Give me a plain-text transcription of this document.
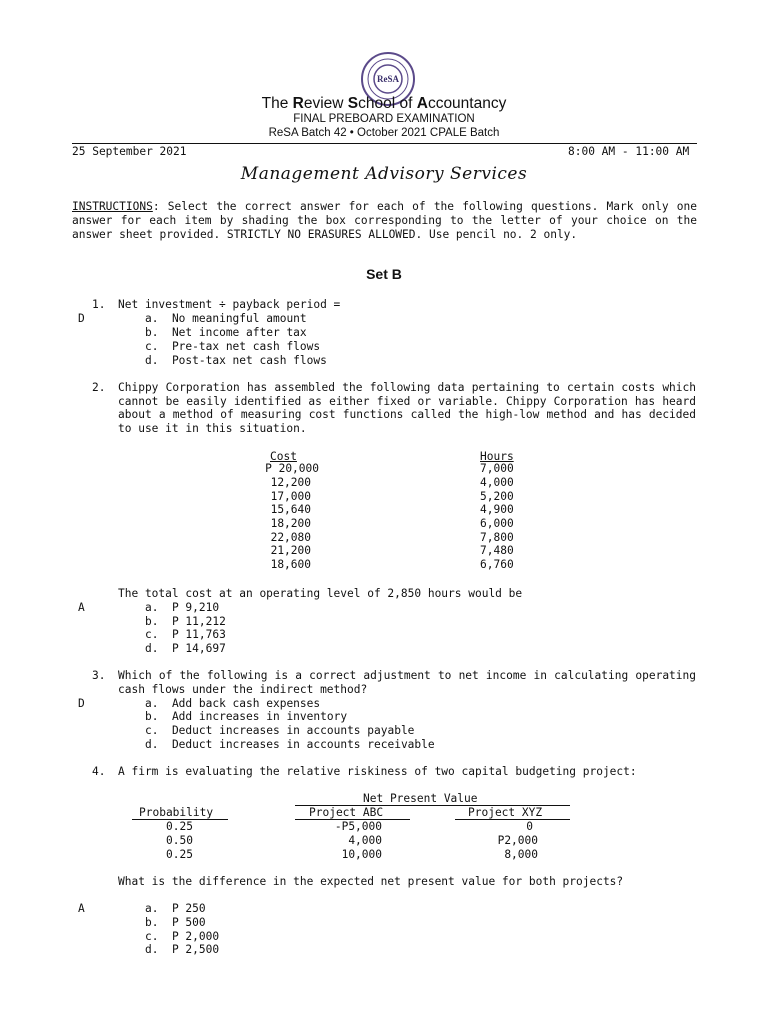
ReSA
The Review School of Accountancy
FINAL PREBOARD EXAMINATION
ReSA Batch 42 • October 2021 CPALE Batch
25 September 2021	8:00 AM - 11:00 AM
Management Advisory Services
INSTRUCTIONS: Select the correct answer for each of the following questions. Mark only one answer for each item by shading the box corresponding to the letter of your choice on the answer sheet provided. STRICTLY NO ERASURES ALLOWED. Use pencil no. 2 only.
Set B
1. Net investment ÷ payback period =
D	a.  No meaningful amount
b.  Net income after tax
c.  Pre-tax net cash flows
d.  Post-tax net cash flows
2. Chippy Corporation has assembled the following data pertaining to certain costs which cannot be easily identified as either fixed or variable. Chippy Corporation has heard about a method of measuring cost functions called the high-low method and has decided to use it in this situation.
Cost	Hours
P 20,000	7,000
12,200	4,000
17,000	5,200
15,640	4,900
18,200	6,000
22,080	7,800
21,200	7,480
18,600	6,760
The total cost at an operating level of 2,850 hours would be
A	a.  P 9,210
b.  P 11,212
c.  P 11,763
d.  P 14,697
3. Which of the following is a correct adjustment to net income in calculating operating cash flows under the indirect method?
D	a.  Add back cash expenses
b.  Add increases in inventory
c.  Deduct increases in accounts payable
d.  Deduct increases in accounts receivable
4. A firm is evaluating the relative riskiness of two capital budgeting project:
Net Present Value
Probability	Project ABC	Project XYZ
0.25	-P5,000	0
0.50	4,000	P2,000
0.25	10,000	8,000
What is the difference in the expected net present value for both projects?
A	a.  P 250
b.  P 500
c.  P 2,000
d.  P 2,500
